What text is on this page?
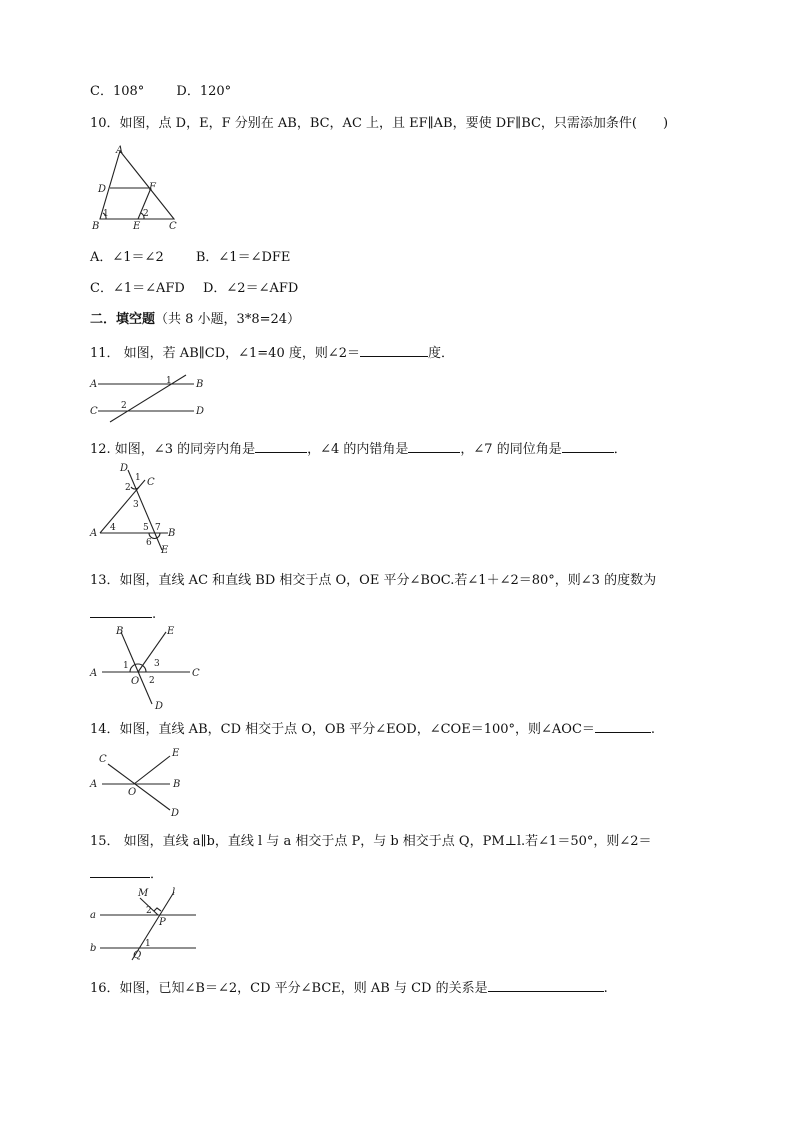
C．108° D．120°
10．如图，点 D，E，F 分别在 AB，BC，AC 上，且 EF∥AB，要使 DF∥BC，只需添加条件(　　)
A
D	F
B	E	C
1	2
A．∠1＝∠2 B．∠1＝∠DFE
C．∠1＝∠AFD D．∠2＝∠AFD
二．填空题（共 8 小题，3*8=24）
11． 如图，若 AB∥CD，∠1=40 度，则∠2＝	度．
A	B
C	D
1
2
12. 如图，∠3 的同旁内角是	，∠4 的内错角是	，∠7 的同位角是	．
D
C
A	B
E
1
2
3
4	5
6
7
13．如图，直线 AC 和直线 BD 相交于点 O，OE 平分∠BOC.若∠1＋∠2＝80°，则∠3 的度数为
.
B	E
A	C
O
D
1
2
3
14．如图，直线 AB，CD 相交于点 O，OB 平分∠EOD，∠COE＝100°，则∠AOC＝	.
C
E
A	B
O
D
15． 如图，直线 a∥b，直线 l 与 a 相交于点 P，与 b 相交于点 Q，PM⊥l.若∠1＝50°，则∠2＝
．
M l
a
b
2
P
1
Q
16．如图，已知∠B＝∠2，CD 平分∠BCE，则 AB 与 CD 的关系是	.
